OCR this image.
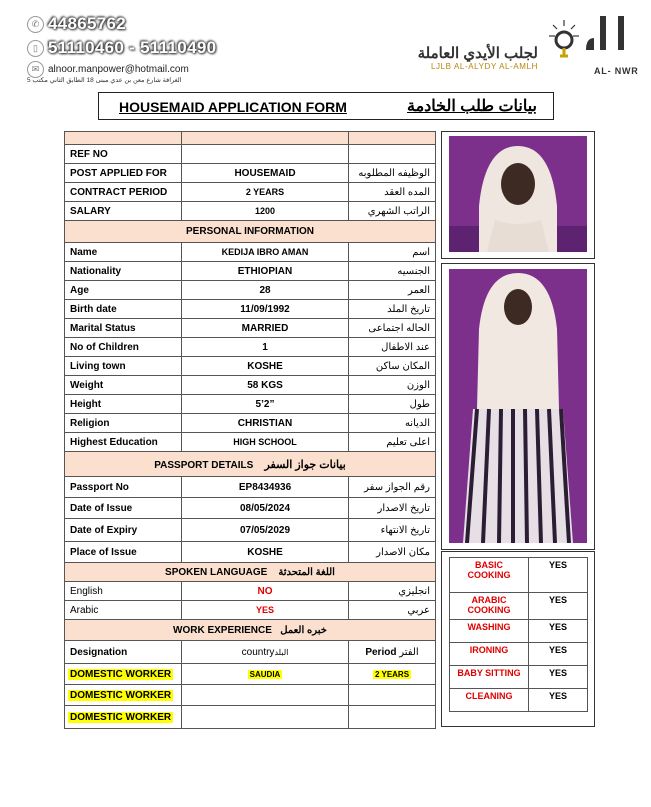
✆ 44865762
▯ 51110460 - 51110490
✉ alnoor.manpower@hotmail.com
الغرافة شارع معن بن عدي مبنى 18 الطابق الثاني مكتب 5
لجلب الأيدي العاملة
LJLB AL-ALYDY AL-AMLH	AL- NWR
HOUSEMAID APPLICATION FORM	بيانات طلب الخادمة

REF NO		
POST APPLIED FOR	HOUSEMAID	الوظيفه المطلوبه
CONTRACT PERIOD	2 YEARS	المده العقد
SALARY	1200	الراتب الشهري
PERSONAL INFORMATION		
Name	KEDIJA IBRO AMAN	اسم
Nationality	ETHIOPIAN	الجنسيه
Age	28	العمر
Birth date	11/09/1992	تاريخ الملد
Marital Status	MARRIED	الحاله اجتماعى
No of Children	1	عند الاطفال
Living town	KOSHE	المكان ساكن
Weight	58 KGS	الوزن
Height	5’2”	طول
Religion	CHRISTIAN	الديانه
Highest Education	HIGH SCHOOL	اعلى تعليم
PASSPORT DETAILS بيانات جواز السفر		
Passport No	EP8434936	رقم الجواز سفر
Date of Issue	08/05/2024	تاريخ الاصدار
Date of Expiry	07/05/2029	تاريخ الانتهاء
Place of Issue	KOSHE	مكان الاصدار
SPOKEN LANGUAGE اللغة المتحدثة		
English	NO	انجليزي
Arabic	YES	عربي
WORK EXPERIENCE خبره العمل		
Designation	countryالبلد	Period الفتر
DOMESTIC WORKER	SAUDIA	2 YEARS
DOMESTIC WORKER		
DOMESTIC WORKER		
BASIC COOKING	YES
ARABIC COOKING	YES
WASHING	YES
IRONING	YES
BABY SITTING	YES
CLEANING	YES
